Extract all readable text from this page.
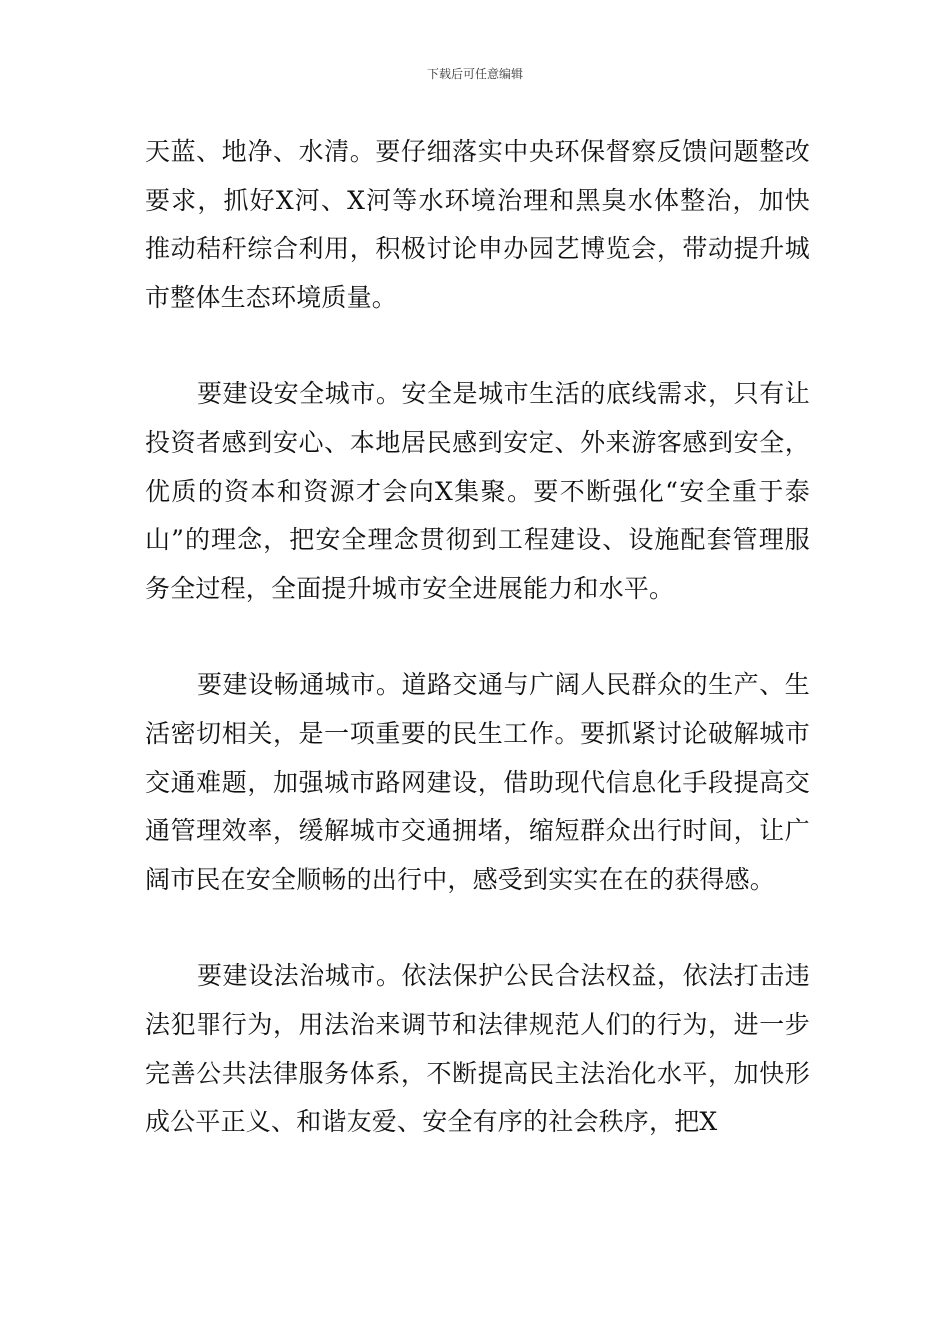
下载后可任意编辑

天蓝、地净、水清。要仔细落实中央环保督察反馈问题整改要求，抓好X河、X河等水环境治理和黑臭水体整治，加快推动秸秆综合利用，积极讨论申办园艺博览会，带动提升城市整体生态环境质量。

要建设安全城市。安全是城市生活的底线需求，只有让投资者感到安心、本地居民感到安定、外来游客感到安全，优质的资本和资源才会向X集聚。要不断强化“安全重于泰山”的理念，把安全理念贯彻到工程建设、设施配套管理服务全过程，全面提升城市安全进展能力和水平。

要建设畅通城市。道路交通与广阔人民群众的生产、生活密切相关，是一项重要的民生工作。要抓紧讨论破解城市交通难题，加强城市路网建设，借助现代信息化手段提高交通管理效率，缓解城市交通拥堵，缩短群众出行时间，让广阔市民在安全顺畅的出行中，感受到实实在在的获得感。

要建设法治城市。依法保护公民合法权益，依法打击违法犯罪行为，用法治来调节和法律规范人们的行为，进一步完善公共法律服务体系，不断提高民主法治化水平，加快形成公平正义、和谐友爱、安全有序的社会秩序，把X
